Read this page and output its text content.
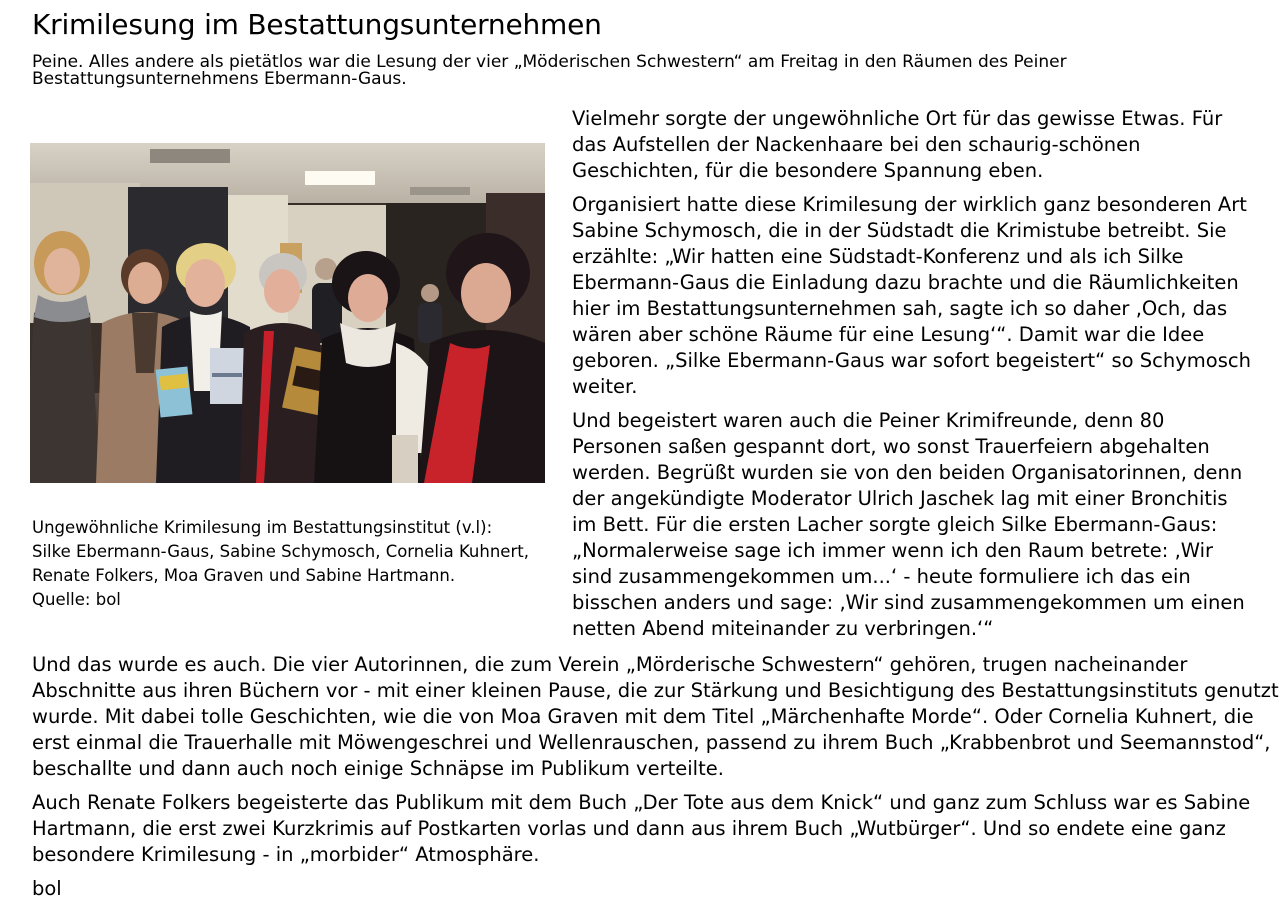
Krimilesung im Bestattungsunternehmen

Peine. Alles andere als pietätlos war die Lesung der vier „Möderischen Schwestern“ am Freitag in den Räumen des Peiner
Bestattungsunternehmens Ebermann-Gaus.

Ungewöhnliche Krimilesung im Bestattungsinstitut (v.l):
Silke Ebermann-Gaus, Sabine Schymosch, Cornelia Kuhnert,
Renate Folkers, Moa Graven und Sabine Hartmann.
Quelle: bol

Vielmehr sorgte der ungewöhnliche Ort für das gewisse Etwas. Für
das Aufstellen der Nackenhaare bei den schaurig-schönen
Geschichten, für die besondere Spannung eben.

Organisiert hatte diese Krimilesung der wirklich ganz besonderen Art
Sabine Schymosch, die in der Südstadt die Krimistube betreibt. Sie
erzählte: „Wir hatten eine Südstadt-Konferenz und als ich Silke
Ebermann-Gaus die Einladung dazu brachte und die Räumlichkeiten
hier im Bestattungsunternehmen sah, sagte ich so daher ‚Och, das
wären aber schöne Räume für eine Lesung‘“. Damit war die Idee
geboren. „Silke Ebermann-Gaus war sofort begeistert“ so Schymosch
weiter.

Und begeistert waren auch die Peiner Krimifreunde, denn 80
Personen saßen gespannt dort, wo sonst Trauerfeiern abgehalten
werden. Begrüßt wurden sie von den beiden Organisatorinnen, denn
der angekündigte Moderator Ulrich Jaschek lag mit einer Bronchitis
im Bett. Für die ersten Lacher sorgte gleich Silke Ebermann-Gaus:
„Normalerweise sage ich immer wenn ich den Raum betrete: ‚Wir
sind zusammengekommen um...‘ - heute formuliere ich das ein
bisschen anders und sage: ‚Wir sind zusammengekommen um einen
netten Abend miteinander zu verbringen.‘“

Und das wurde es auch. Die vier Autorinnen, die zum Verein „Mörderische Schwestern“ gehören, trugen nacheinander
Abschnitte aus ihren Büchern vor - mit einer kleinen Pause, die zur Stärkung und Besichtigung des Bestattungsinstituts genutzt
wurde. Mit dabei tolle Geschichten, wie die von Moa Graven mit dem Titel „Märchenhafte Morde“. Oder Cornelia Kuhnert, die
erst einmal die Trauerhalle mit Möwengeschrei und Wellenrauschen, passend zu ihrem Buch „Krabbenbrot und Seemannstod“,
beschallte und dann auch noch einige Schnäpse im Publikum verteilte.

Auch Renate Folkers begeisterte das Publikum mit dem Buch „Der Tote aus dem Knick“ und ganz zum Schluss war es Sabine
Hartmann, die erst zwei Kurzkrimis auf Postkarten vorlas und dann aus ihrem Buch „Wutbürger“. Und so endete eine ganz
besondere Krimilesung - in „morbider“ Atmosphäre.

bol
